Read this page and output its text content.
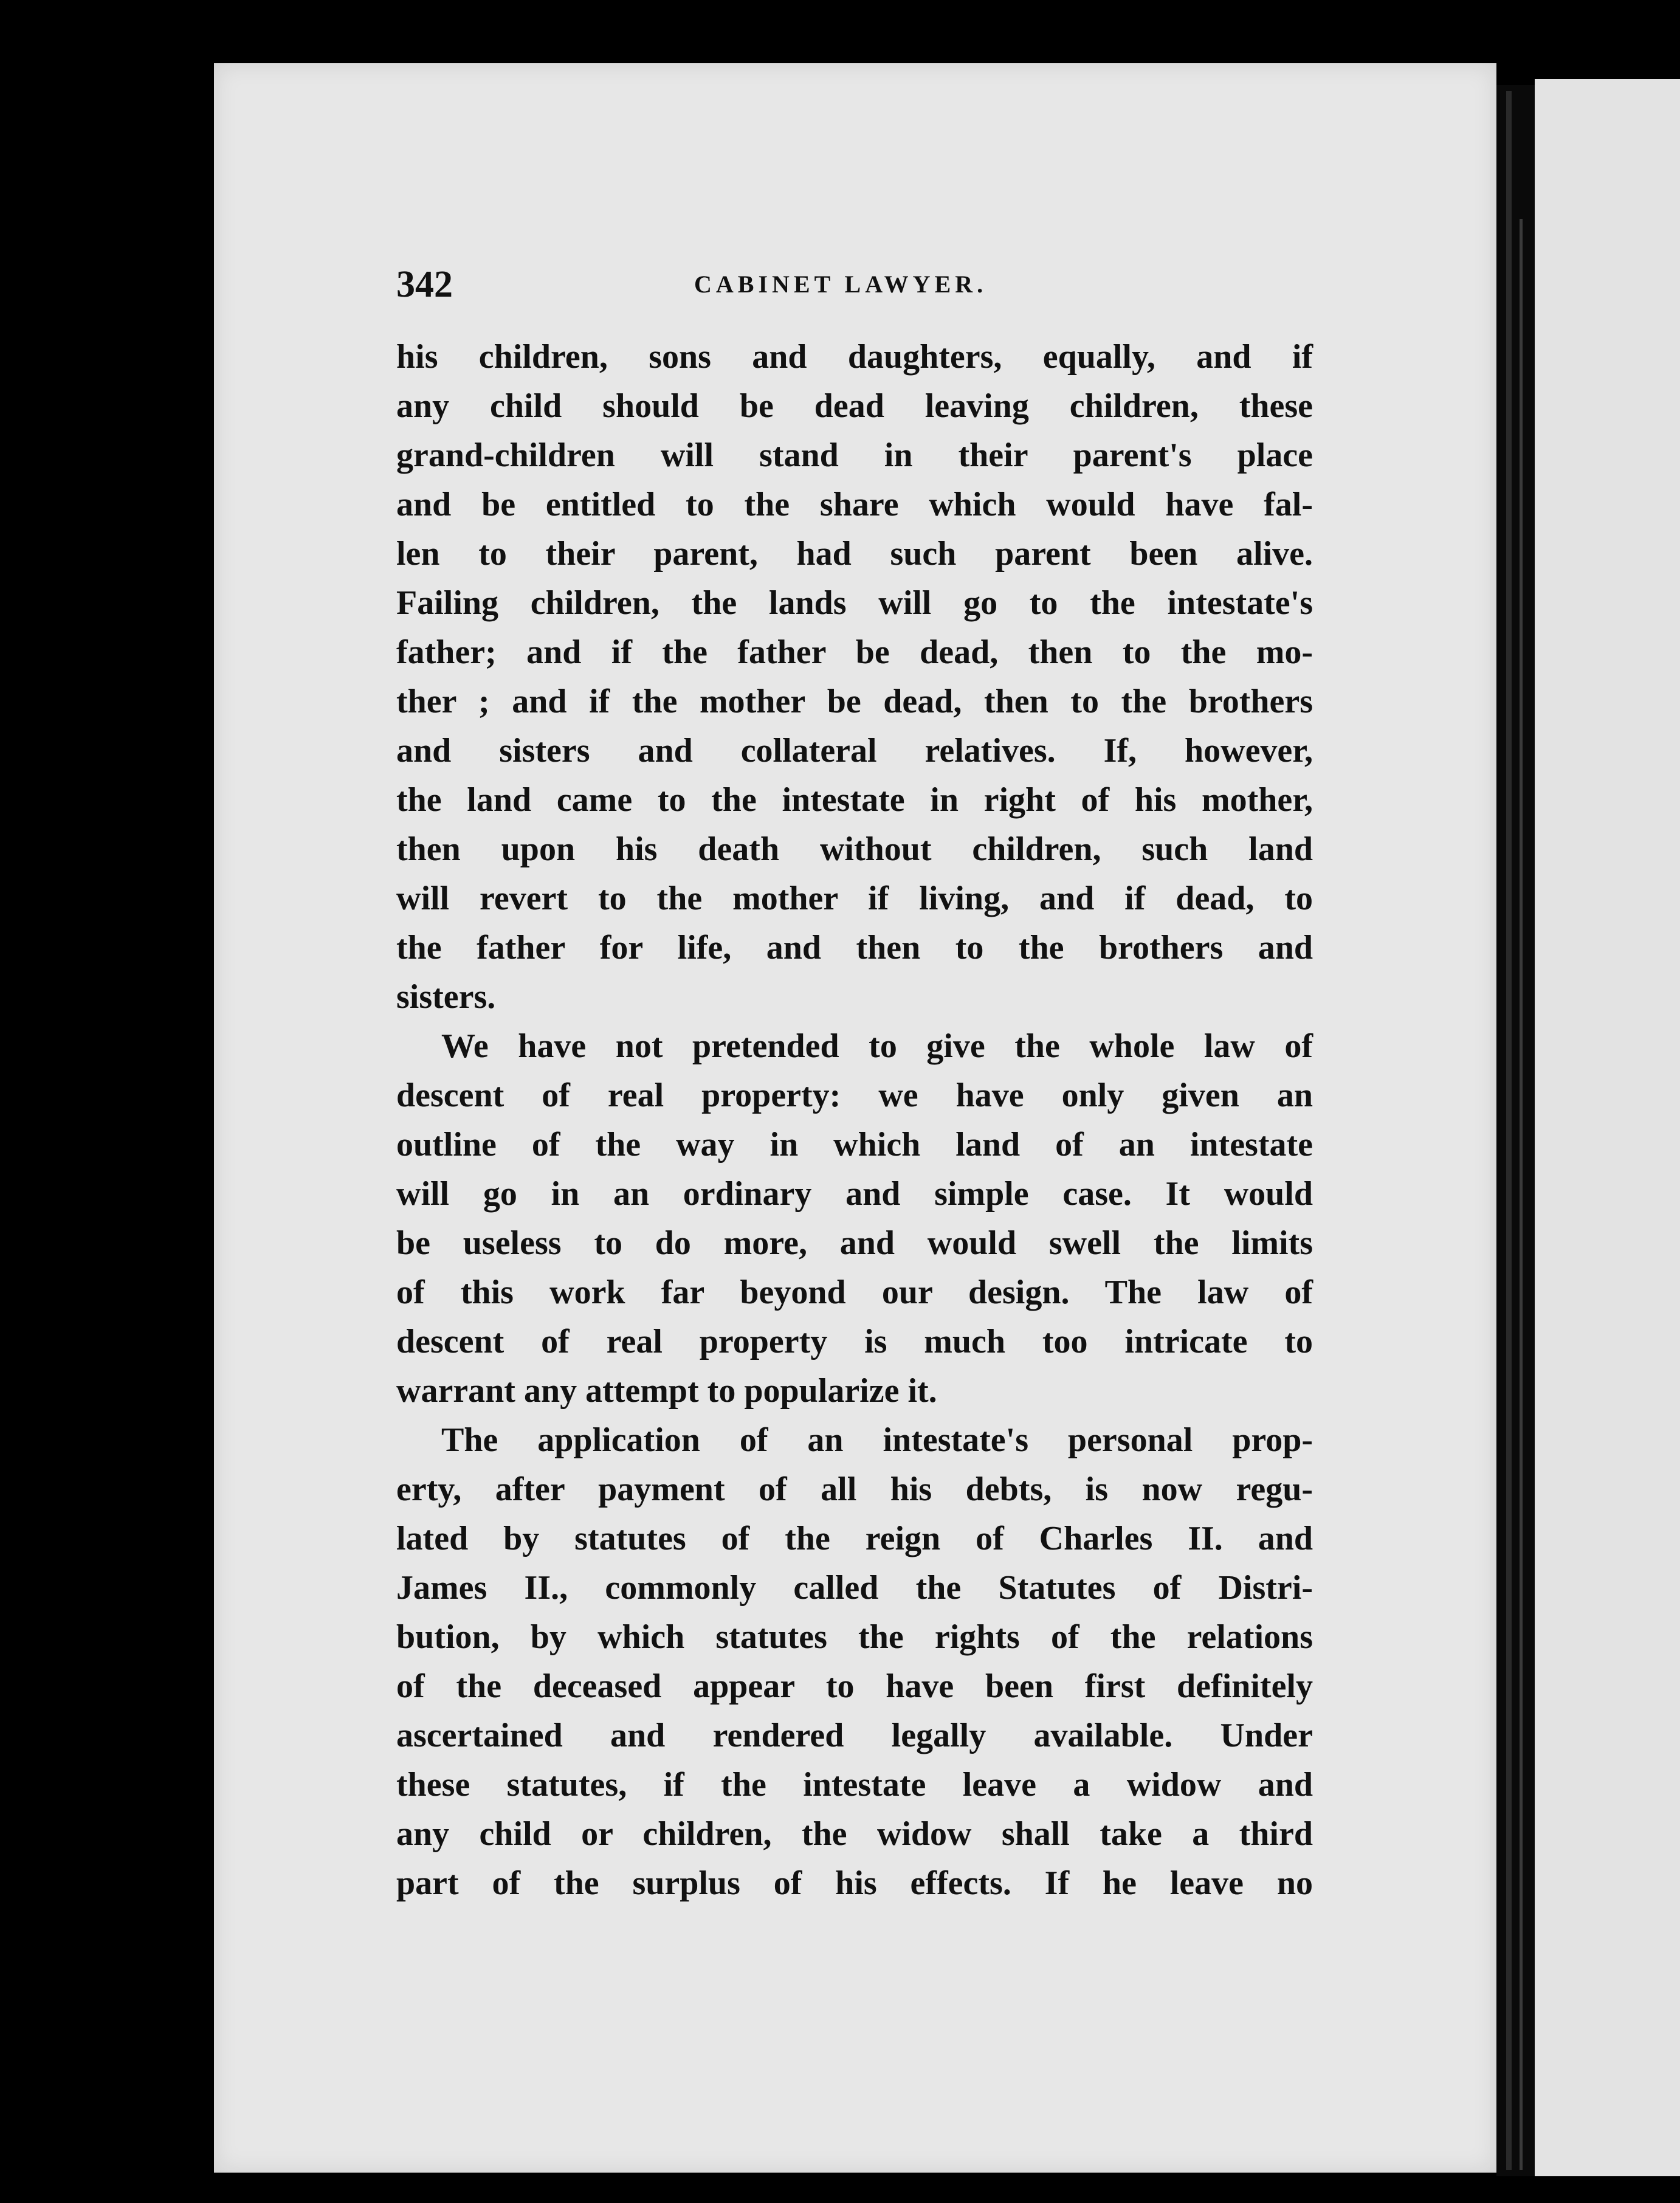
342	CABINET LAWYER.
his children, sons and daughters, equally, and if
any child should be dead leaving children, these
grand-children will stand in their parent's place
and be entitled to the share which would have fal-
len to their parent, had such parent been alive.
Failing children, the lands will go to the intestate's
father; and if the father be dead, then to the mo-
ther ; and if the mother be dead, then to the brothers
and sisters and collateral relatives. If, however,
the land came to the intestate in right of his mother,
then upon his death without children, such land
will revert to the mother if living, and if dead, to
the father for life, and then to the brothers and
sisters.
We have not pretended to give the whole law of
descent of real property: we have only given an
outline of the way in which land of an intestate
will go in an ordinary and simple case. It would
be useless to do more, and would swell the limits
of this work far beyond our design. The law of
descent of real property is much too intricate to
warrant any attempt to popularize it.
The application of an intestate's personal prop-
erty, after payment of all his debts, is now regu-
lated by statutes of the reign of Charles II. and
James II., commonly called the Statutes of Distri-
bution, by which statutes the rights of the relations
of the deceased appear to have been first definitely
ascertained and rendered legally available. Under
these statutes, if the intestate leave a widow and
any child or children, the widow shall take a third
part of the surplus of his effects. If he leave no
